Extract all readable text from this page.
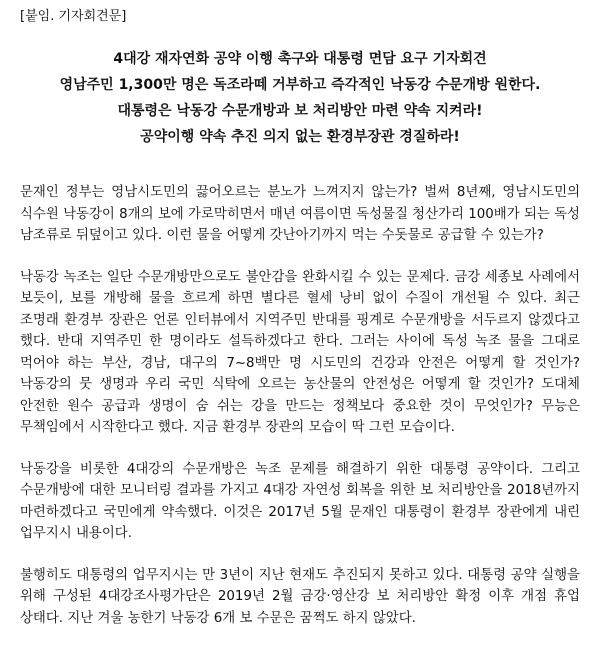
[붙임. 기자회견문]
4대강 재자연화 공약 이행 촉구와 대통령 면담 요구 기자회견
영남주민 1,300만 명은 독조라떼 거부하고 즉각적인 낙동강 수문개방 원한다.
대통령은 낙동강 수문개방과 보 처리방안 마련 약속 지켜라!
공약이행 약속 추진 의지 없는 환경부장관 경질하라!

문재인 정부는 영남시도민의 끓어오르는 분노가 느껴지지 않는가? 벌써 8년째, 영남시도민의 식수원 낙동강이 8개의 보에 가로막히면서 매년 여름이면 독성물질 청산가리 100배가 되는 독성 남조류로 뒤덮이고 있다. 이런 물을 어떻게 갓난아기까지 먹는 수돗물로 공급할 수 있는가?

낙동강 녹조는 일단 수문개방만으로도 불안감을 완화시킬 수 있는 문제다. 금강 세종보 사례에서 보듯이, 보를 개방해 물을 흐르게 하면 별다른 혈세 낭비 없이 수질이 개선될 수 있다. 최근 조명래 환경부 장관은 언론 인터뷰에서 지역주민 반대를 핑계로 수문개방을 서두르지 않겠다고 했다. 반대 지역주민 한 명이라도 설득하겠다고 한다. 그러는 사이에 독성 녹조 물을 그대로 먹어야 하는 부산, 경남, 대구의 7~8백만 명 시도민의 건강과 안전은 어떻게 할 것인가? 낙동강의 뭇 생명과 우리 국민 식탁에 오르는 농산물의 안전성은 어떻게 할 것인가? 도대체 안전한 원수 공급과 생명이 숨 쉬는 강을 만드는 정책보다 중요한 것이 무엇인가? 무능은 무책임에서 시작한다고 했다. 지금 환경부 장관의 모습이 딱 그런 모습이다.

낙동강을 비롯한 4대강의 수문개방은 녹조 문제를 해결하기 위한 대통령 공약이다. 그리고 수문개방에 대한 모니터링 결과를 가지고 4대강 자연성 회복을 위한 보 처리방안을 2018년까지 마련하겠다고 국민에게 약속했다. 이것은 2017년 5월 문재인 대통령이 환경부 장관에게 내린 업무지시 내용이다.

불행히도 대통령의 업무지시는 만 3년이 지난 현재도 추진되지 못하고 있다. 대통령 공약 실행을 위해 구성된 4대강조사평가단은 2019년 2월 금강·영산강 보 처리방안 확정 이후 개점 휴업 상태다. 지난 겨울 농한기 낙동강 6개 보 수문은 꿈쩍도 하지 않았다.
